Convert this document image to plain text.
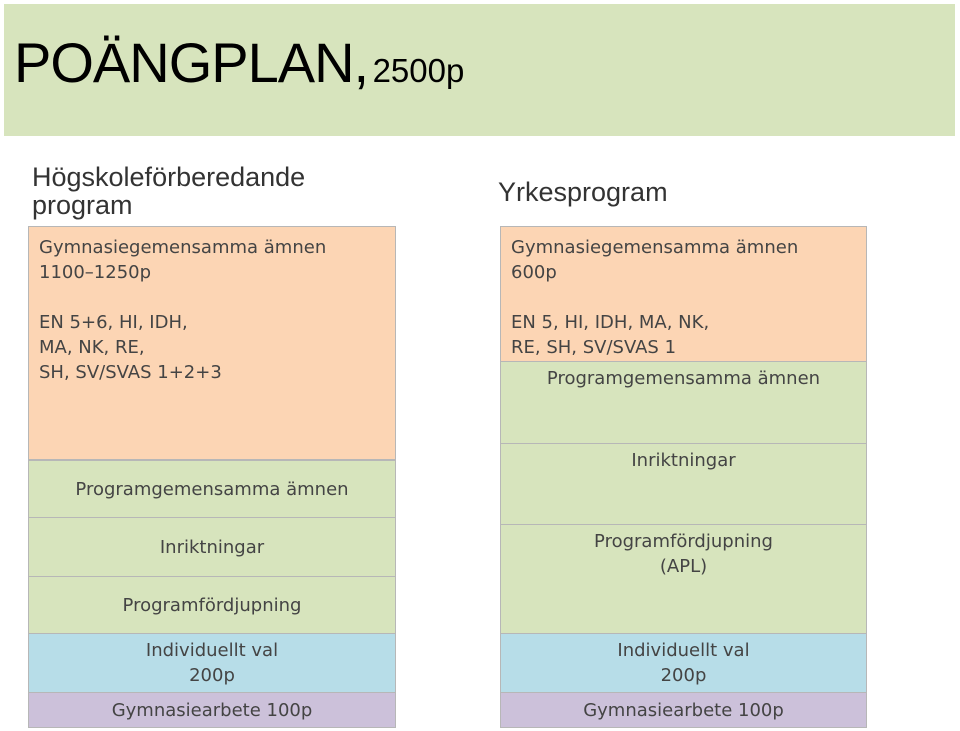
POÄNGPLAN, 2500p
Högskoleförberedande
program

Gymnasiegemensamma ämnen

1100–1250p

EN 5+6, HI, IDH,

MA, NK, RE,

SH, SV/SVAS 1+2+3

Programgemensamma ämnen
Inriktningar
Programfördjupning
Individuellt val
200p
Gymnasiearbete 100p
Yrkesprogram

Gymnasiegemensamma ämnen

600p

EN 5, HI, IDH, MA, NK,

RE, SH, SV/SVAS 1

Programgemensamma ämnen
Inriktningar
Programfördjupning
(APL)
Individuellt val
200p
Gymnasiearbete 100p
